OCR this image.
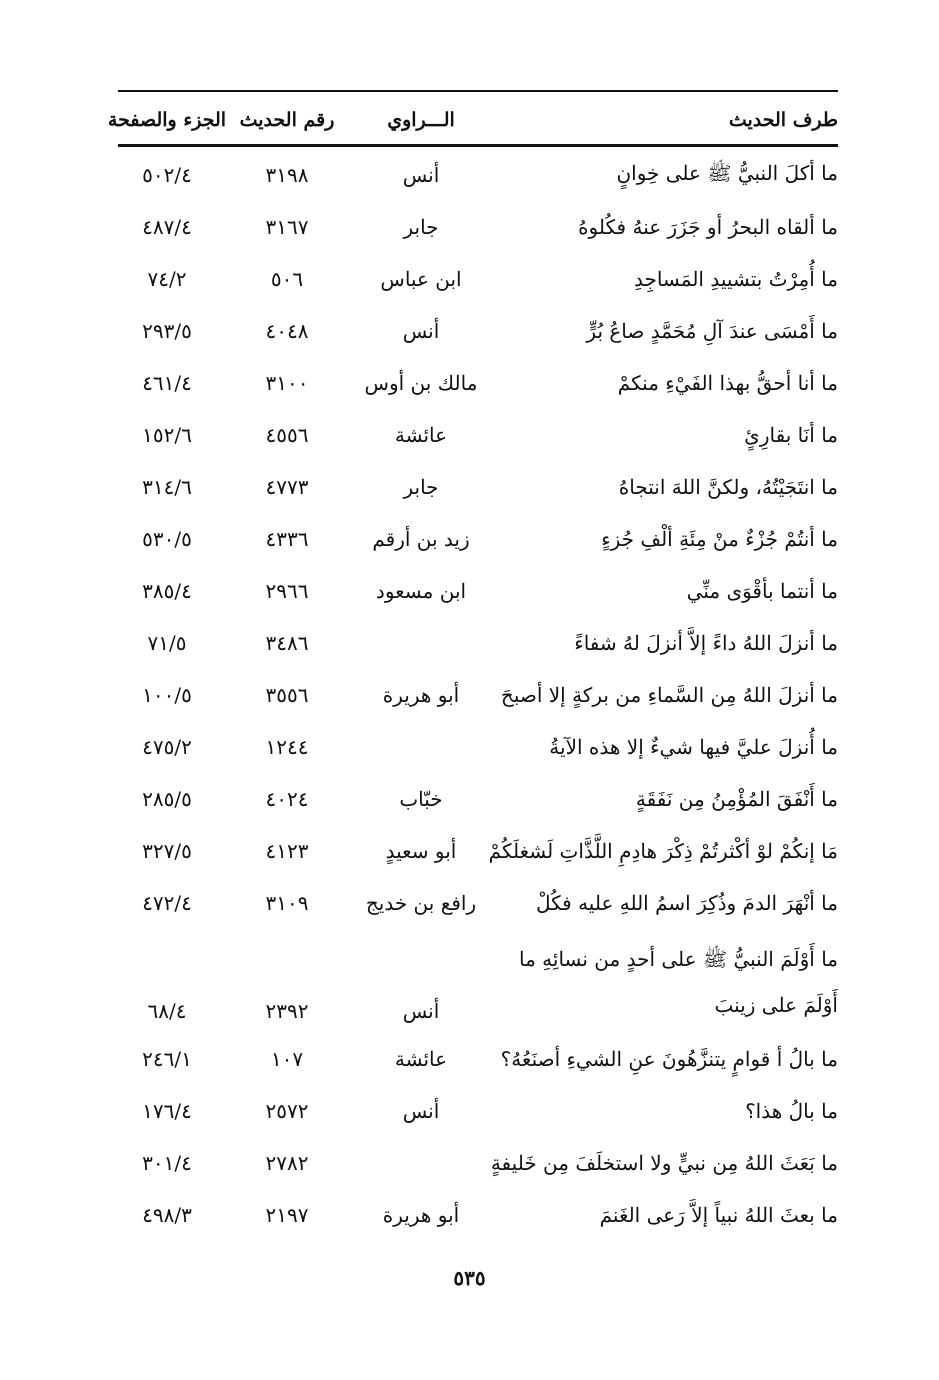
طرف الحديث	الـــراوي	رقم الحديث	الجزء والصفحة

ما أكلَ النبيُّ ﷺ على خِوانٍ	أنس	٣١٩٨	٥٠٢/٤
ما ألقاه البحرُ أو جَزَرَ عنهُ فكُلوهُ	جابر	٣١٦٧	٤٨٧/٤
ما أُمِرْتُ بتشييدِ المَساجِدِ	ابن عباس	٥٠٦	٧٤/٢
ما أَمْسَى عندَ آلِ مُحَمَّدٍ صاعُ بُرٍّ	أنس	٤٠٤٨	٢٩٣/٥
ما أنا أحقُّ بهذا الفَيْءِ منكمْ	مالك بن أوس	٣١٠٠	٤٦١/٤
ما أنَا بقارِئٍ	عائشة	٤٥٥٦	١٥٢/٦
ما انتَجَيْتُهُ، ولكنَّ اللهَ انتجاهُ	جابر	٤٧٧٣	٣١٤/٦
ما أنتُمْ جُزْءٌ منْ مِئَةِ ألْفِ جُزءٍ	زيد بن أرقم	٤٣٣٦	٥٣٠/٥
ما أنتما بأقْوَى منِّي	ابن مسعود	٢٩٦٦	٣٨٥/٤
ما أنزلَ اللهُ داءً إلاَّ أنزلَ لهُ شفاءً		٣٤٨٦	٧١/٥
ما أنزلَ اللهُ مِن السَّماءِ من بركةٍ إلا أصبحَ	أبو هريرة	٣٥٥٦	١٠٠/٥
ما أُنزلَ عليَّ فيها شيءٌ إلا هذه الآيةُ		١٢٤٤	٤٧٥/٢
ما أَنْفَقَ المُؤْمِنُ مِن نَفَقَةٍ	خبّاب	٤٠٢٤	٢٨٥/٥
مَا إنكُمْ لوْ أكْثرتُمْ ذِكْرَ هادِمِ اللَّذَّاتِ لَشغلَكُمْ	أبو سعيدٍ	٤١٢٣	٣٢٧/٥
ما أنْهَرَ الدمَ وذُكِرَ اسمُ اللهِ عليه فكُلْ	رافع بن خديج	٣١٠٩	٤٧٢/٤

ما أَوْلَمَ النبيُّ ﷺ على أحدٍ من نسائِهِ ما أَوْلَمَ على زينبَ	أنس	٢٣٩٢	٦٨/٤
ما بالُ أ قوامٍ يتنزَّهُونَ عنِ الشيءِ أصنَعُهُ؟	عائشة	١٠٧	٢٤٦/١
ما بالُ هذا؟	أنس	٢٥٧٢	١٧٦/٤
ما بَعَثَ اللهُ مِن نبيٍّ ولا استخلَفَ مِن خَليفةٍ		٢٧٨٢	٣٠١/٤
ما بعثَ اللهُ نبياً إلاَّ رَعى الغَنمَ	أبو هريرة	٢١٩٧	٤٩٨/٣
٥٣٥
